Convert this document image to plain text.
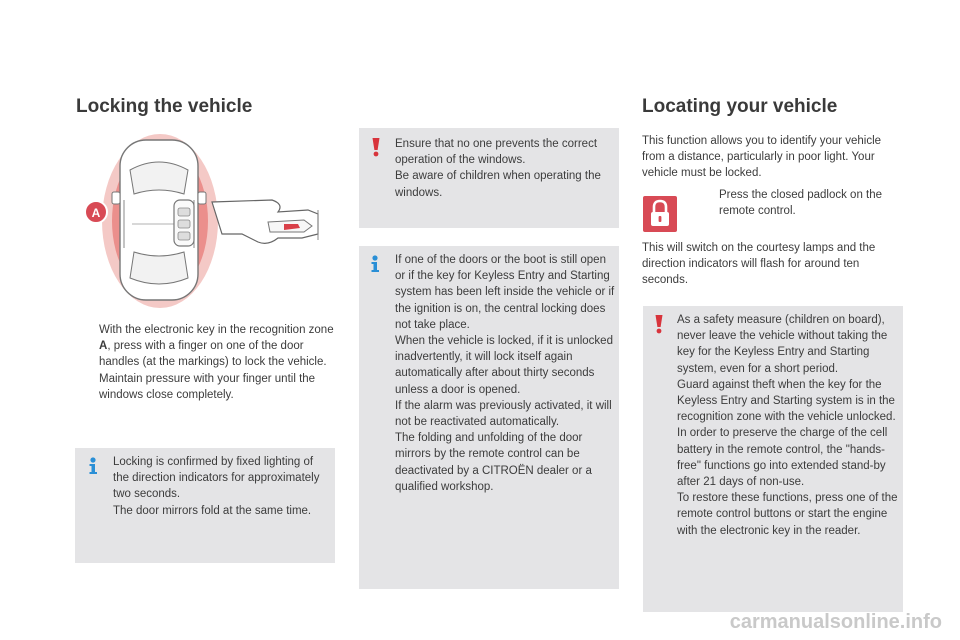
Locking the vehicle
A

With the electronic key in the recognition zone A, press with a finger on one of the door handles (at the markings) to lock the vehicle.

Maintain pressure with your finger until the windows close completely.

Locking is confirmed by fixed lighting of the direction indicators for approximately two seconds.

The door mirrors fold at the same time.

Ensure that no one prevents the correct operation of the windows.

Be aware of children when operating the windows.

If one of the doors or the boot is still open or if the key for Keyless Entry and Starting system has been left inside the vehicle or if the ignition is on, the central locking does not take place.

When the vehicle is locked, if it is unlocked inadvertently, it will lock itself again automatically after about thirty seconds unless a door is opened.

If the alarm was previously activated, it will not be reactivated automatically.

The folding and unfolding of the door mirrors by the remote control can be deactivated by a CITROËN dealer or a qualified workshop.

Locating your vehicle
This function allows you to identify your vehicle from a distance, particularly in poor light. Your vehicle must be locked.
Press the closed padlock on the remote control.
This will switch on the courtesy lamps and the direction indicators will flash for around ten seconds.

As a safety measure (children on board), never leave the vehicle without taking the key for the Keyless Entry and Starting system, even for a short period.

Guard against theft when the key for the Keyless Entry and Starting system is in the recognition zone with the vehicle unlocked.

In order to preserve the charge of the cell battery in the remote control, the "hands-free" functions go into extended stand-by after 21 days of non-use.

To restore these functions, press one of the remote control buttons or start the engine with the electronic key in the reader.

carmanualsonline.info
